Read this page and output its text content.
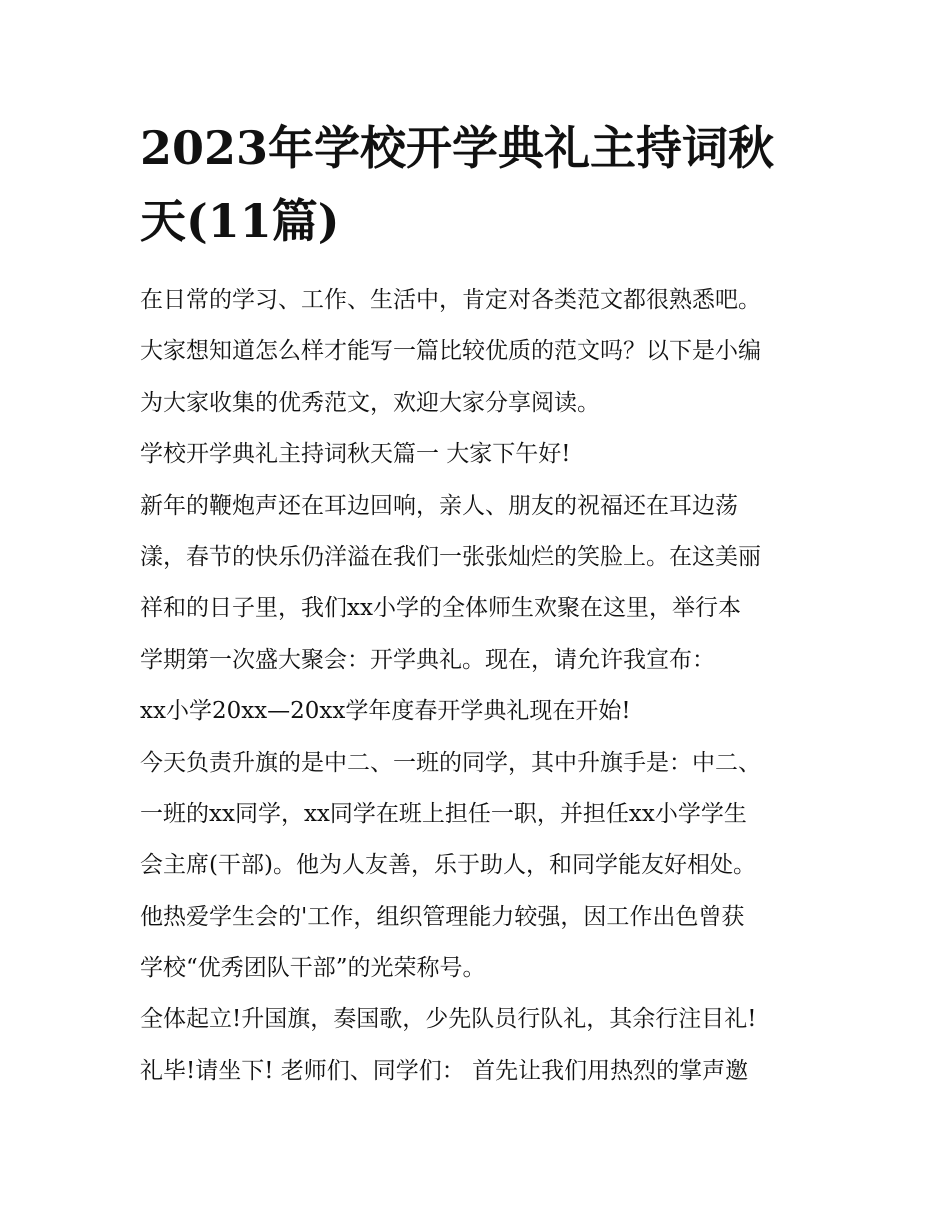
2023年学校开学典礼主持词秋
天(11篇)
在日常的学习、工作、生活中，肯定对各类范文都很熟悉吧。
大家想知道怎么样才能写一篇比较优质的范文吗？以下是小编
为大家收集的优秀范文，欢迎大家分享阅读。
学校开学典礼主持词秋天篇一 大家下午好!
新年的鞭炮声还在耳边回响，亲人、朋友的祝福还在耳边荡
漾，春节的快乐仍洋溢在我们一张张灿烂的笑脸上。在这美丽
祥和的日子里，我们xx小学的全体师生欢聚在这里，举行本
学期第一次盛大聚会：开学典礼。现在，请允许我宣布：
xx小学20xx—20xx学年度春开学典礼现在开始!
今天负责升旗的是中二、一班的同学，其中升旗手是：中二、
一班的xx同学，xx同学在班上担任一职，并担任xx小学学生
会主席(干部)。他为人友善，乐于助人，和同学能友好相处。
他热爱学生会的'工作，组织管理能力较强，因工作出色曾获
学校“优秀团队干部”的光荣称号。
全体起立!升国旗，奏国歌，少先队员行队礼，其余行注目礼!
礼毕!请坐下! 老师们、同学们： 首先让我们用热烈的掌声邀
